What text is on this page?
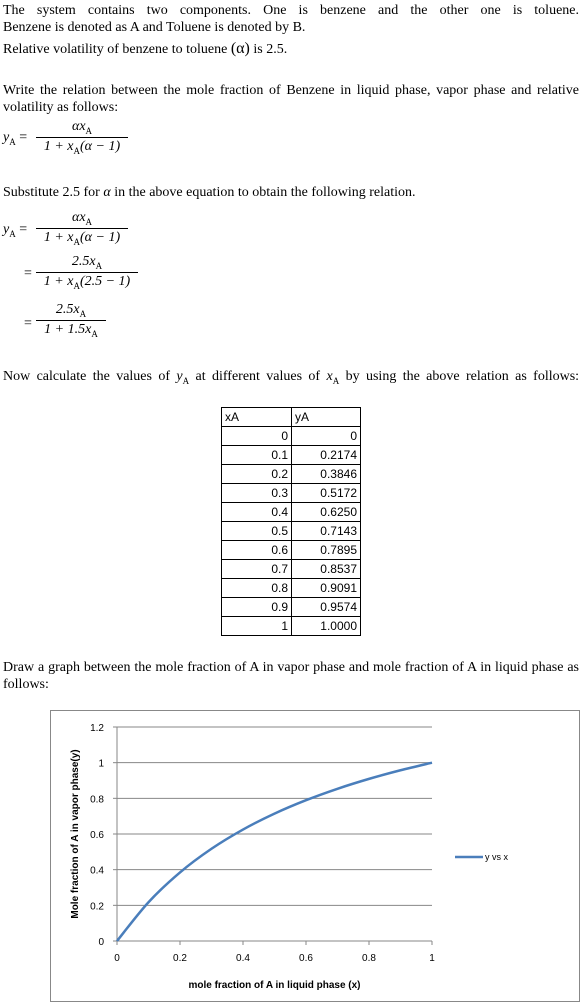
The system contains two components. One is benzene and the other one is toluene.
Benzene is denoted as A and Toluene is denoted by B.
Relative volatility of benzene to toluene (α) is 2.5.
Write the relation between the mole fraction of Benzene in liquid phase, vapor phase and relative volatility as follows:
$y_A$ =
$\alpha x_A$
$1 + x_A(\alpha - 1)$
Substitute 2.5 for α in the above equation to obtain the following relation.
$y_A$ =
$\alpha x_A$
$1 + x_A(\alpha - 1)$
=
$2.5x_A$
$1 + x_A(2.5 - 1)$
=
$2.5x_A$
$1 + 1.5x_A$
Now calculate the values of $y_A$ at different values of $x_A$ by using the above relation as follows:
xA	yA
0	0
0.1	0.2174
0.2	0.3846
0.3	0.5172
0.4	0.6250
0.5	0.7143
0.6	0.7895
0.7	0.8537
0.8	0.9091
0.9	0.9574
1	1.0000
Draw a graph between the mole fraction of A in vapor phase and mole fraction of A in liquid phase as follows:
0
0.2
0.4
0.6
0.8
1
1.2
0	0.2	0.4	0.6	0.8	1
mole fraction of A in liquid phase (x)
Mole fraction of A in vapor phase(y)	y vs x
